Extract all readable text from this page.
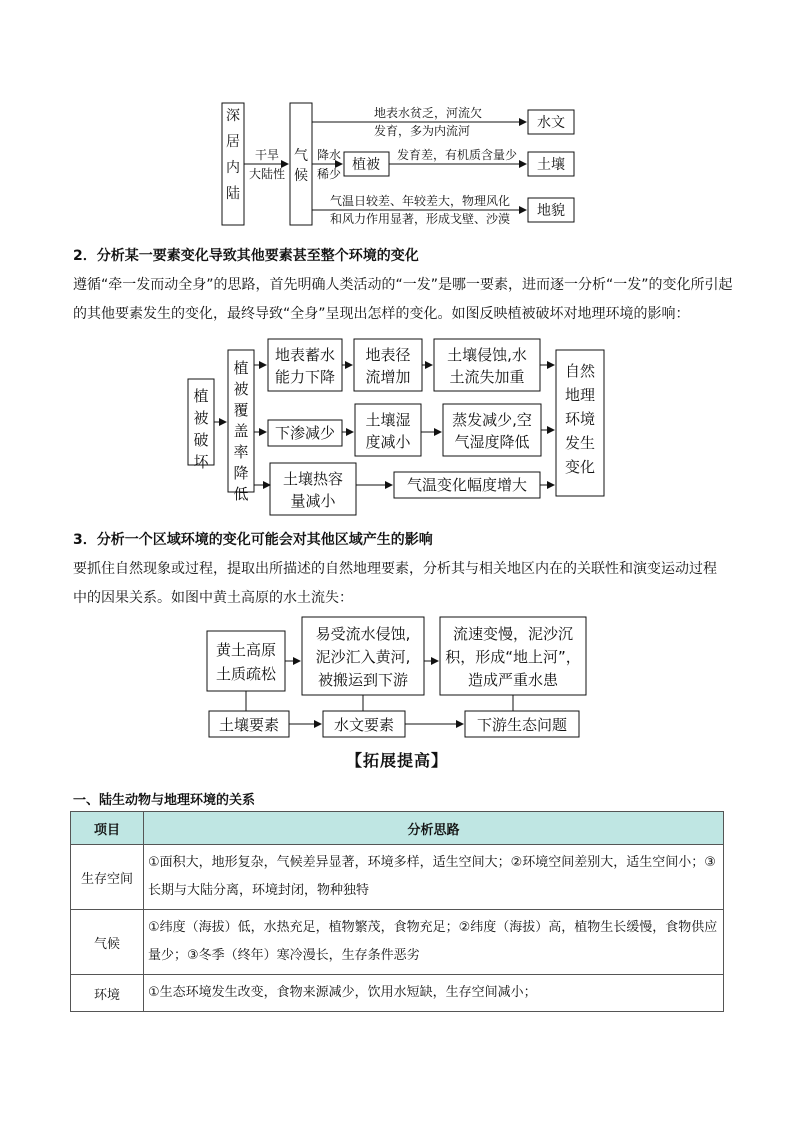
深
居
内
陆
气
候
植被
水文
土壤
地貌
干旱
大陆性
降水
稀少
地表水贫乏，河流欠
发育，多为内流河
发育差，有机质含量少
气温日较差、年较差大，物理风化
和风力作用显著，形成戈壁、沙漠
植
被
破
坏
植
被
覆
盖
率
降
低
地表蓄水
能力下降
地表径
流增加
土壤侵蚀,水
土流失加重
下渗减少
土壤湿
度减小
蒸发减少,空
气湿度降低
土壤热容
量减小
气温变化幅度增大
自然
地理
环境
发生
变化
黄土高原
土质疏松
易受流水侵蚀,
泥沙汇入黄河,
被搬运到下游
流速变慢，泥沙沉
积，形成“地上河”，
造成严重水患
土壤要素	水文要素	下游生态问题
2．分析某一要素变化导致其他要素甚至整个环境的变化
遵循“牵一发而动全身”的思路，首先明确人类活动的“一发”是哪一要素，进而逐一分析“一发”的变化所引起
的其他要素发生的变化，最终导致“全身”呈现出怎样的变化。如图反映植被破坏对地理环境的影响：
3．分析一个区域环境的变化可能会对其他区域产生的影响
要抓住自然现象或过程，提取出所描述的自然地理要素，分析其与相关地区内在的关联性和演变运动过程
中的因果关系。如图中黄土高原的水土流失：
【拓展提高】
一、陆生动物与地理环境的关系
项目	分析思路
生存空间	①面积大，地形复杂，气候差异显著，环境多样，适生空间大；②环境空间差别大，适生空间小；③长期与大陆分离，环境封闭，物种独特
气候	①纬度（海拔）低，水热充足，植物繁茂，食物充足；②纬度（海拔）高，植物生长缓慢，食物供应量少；③冬季（终年）寒冷漫长，生存条件恶劣
环境	①生态环境发生改变，食物来源减少，饮用水短缺，生存空间减小；
